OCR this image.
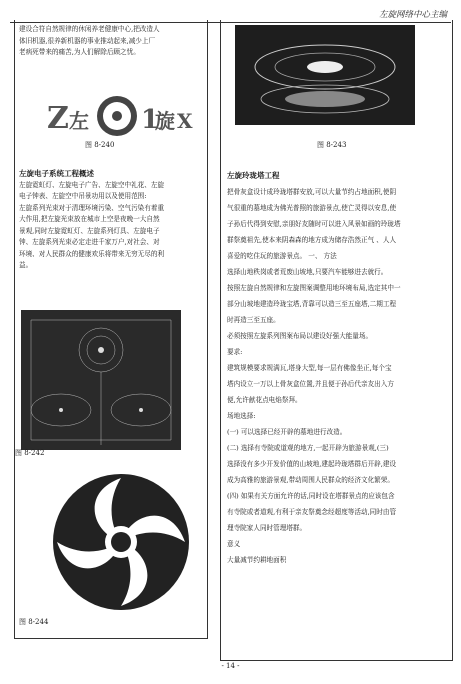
左旋网络中心主编

建设合符自然规律的休闲养老健康中心,把改造人

体旧机器,很养新机器的事业推动起来,减少上厂

老病死带来的痛苦,为人们解除后顾之忧。

Z 左 1
旋 X
图 8-240

左旋电子系统工程概述

左旋霓虹灯、左旋电子广告、左旋空中礼花、左旋

电子钟表、左旋空中吊景功用以及使用范围:

左旋系列光束对于清理环境污染、空气污染有着重

大作用,把左旋光束放在城市上空是夜晚一大自然

景观,同时左旋霓虹灯、左旋系列灯具、左旋电子

钟、左旋系列光束必定走进千家万户,对社会、对

环境、对人民群众的健康欢乐将带来无穷无尽的利

益。

图 8-242
图 8-244
图 8-243

左旋玲珑塔工程

把骨灰盒设计成玲珑塔群安放,可以大量节约占地面积,使阴

气很重的墓地成为佛光普照的旅游景点,使亡灵得以安息,使

子孙后代得到安慰,亲朋好友随时可以进入风景如画的玲珑塔

群祭奠祖先,使本来阴森森的地方成为储存浩然正气 、人人

喜爱的吃住玩的旅游景点。 一、 方法

选择山地秩岗或者荒废山坡地,只要汽车能够进去就行。

按照左旋自然规律和左旋图案调整用地环境布局,选定其中一

部分山坡地建造玲珑宝塔,背靠可以造三至五座塔,二期工程

时再造三至五座。

必须按照左旋系列图案布局以建设好强大能量场。

要求:

建筑规模要求规满瓦,塔身大型,每一层有佛像坐正,每个宝

塔内设立一万以上骨灰盒位置,并且便于孙后代亲友出入方

便,允许献花点电焰祭拜。

场地选择:

(一) 可以选择已经开辟的墓地进行改造。

(二) 选择有寺院或道观的地方,一起开辟为旅游景观,(三)

选择没有多少开发价值的山坡地,建起玲珑塔群后开辟,建设

成为高雅的旅游景观,带动周围人民群众的经济文化繁荣。

(四) 如果有关方面允许的话,同时设在塔群景点的应该包含

有寺院或者道观,有利于亲友祭奠念经超度等活动,同时由管

理寺院家人同时管理塔群。

意义

大量减节约耕地面积

- 14 -
